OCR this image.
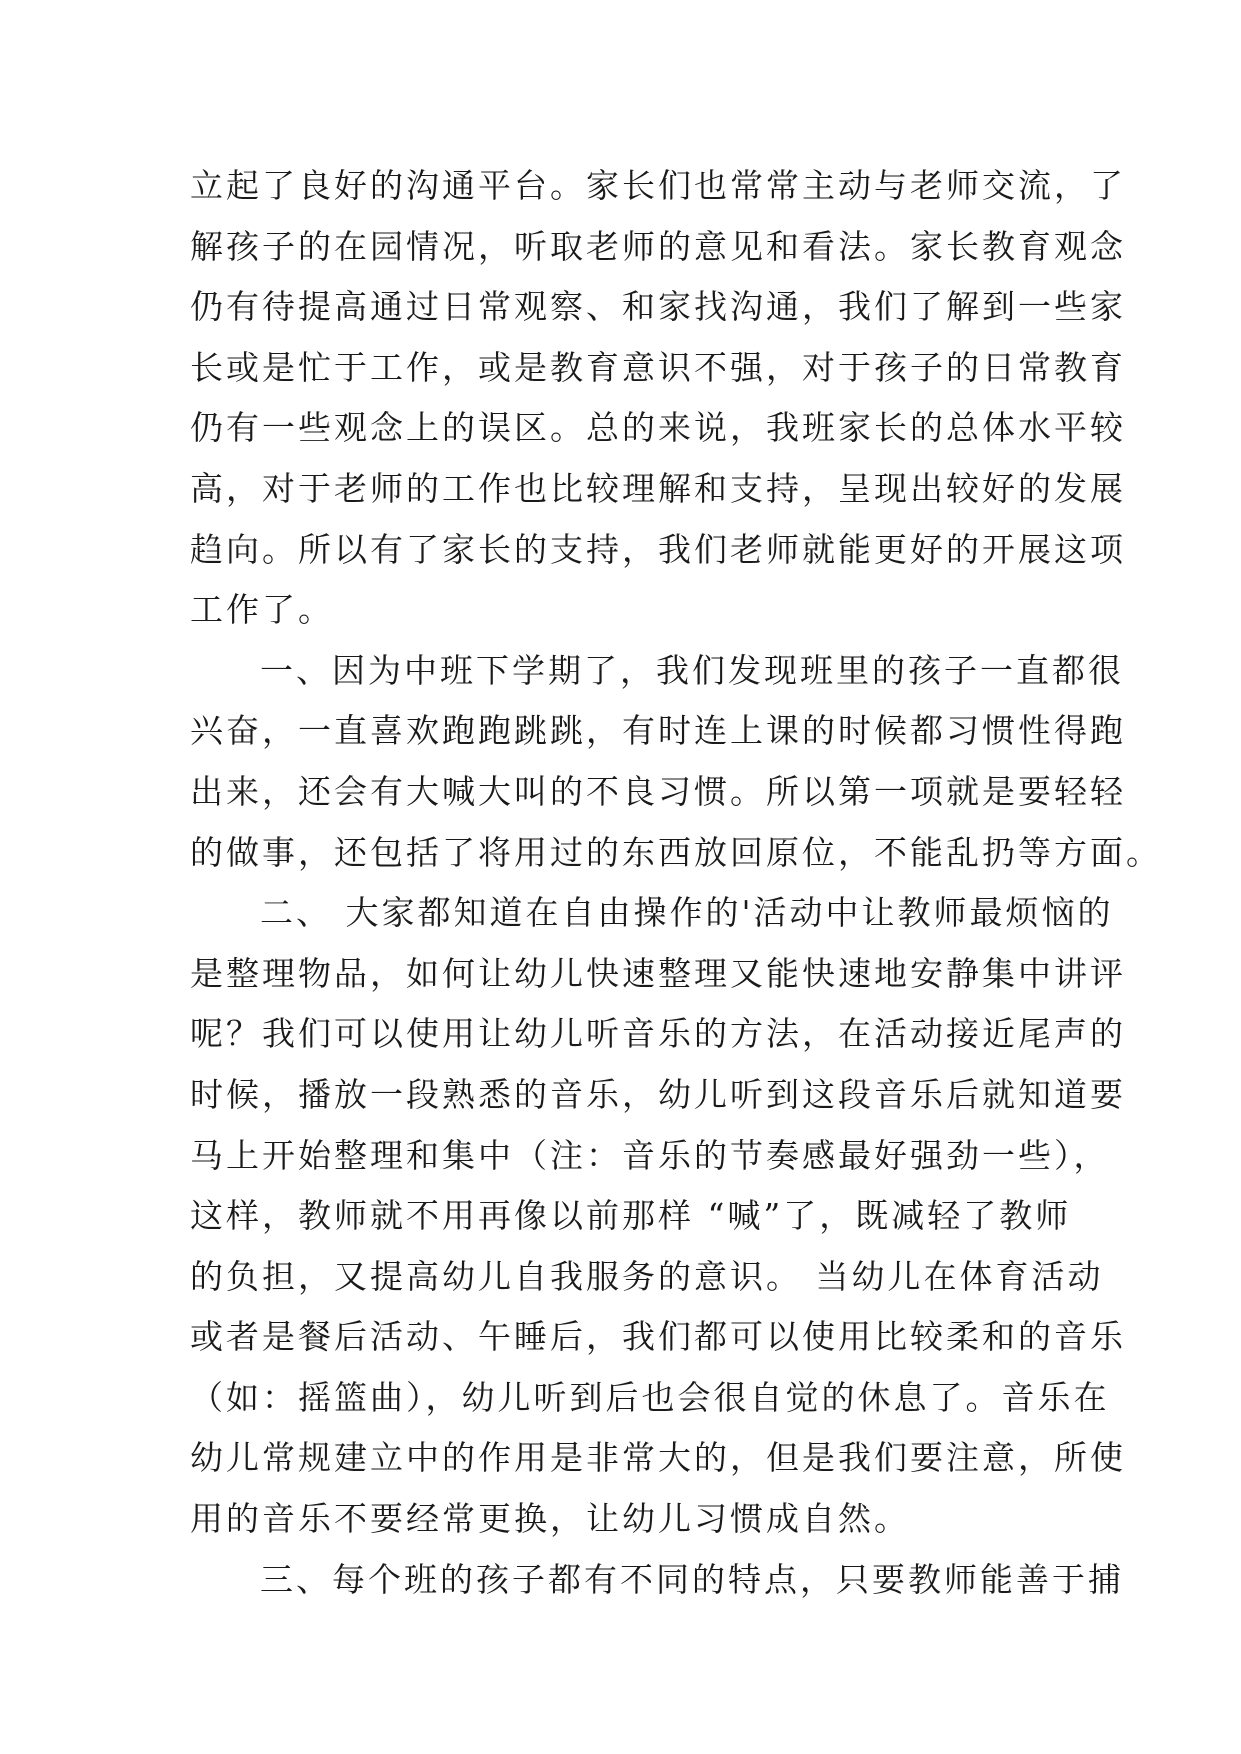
立起了良好的沟通平台。家长们也常常主动与老师交流，了
解孩子的在园情况，听取老师的意见和看法。家长教育观念
仍有待提高通过日常观察、和家找沟通，我们了解到一些家
长或是忙于工作，或是教育意识不强，对于孩子的日常教育
仍有一些观念上的误区。总的来说，我班家长的总体水平较
高，对于老师的工作也比较理解和支持，呈现出较好的发展
趋向。所以有了家长的支持，我们老师就能更好的开展这项
工作了。
一、因为中班下学期了，我们发现班里的孩子一直都很
兴奋，一直喜欢跑跑跳跳，有时连上课的时候都习惯性得跑
出来，还会有大喊大叫的不良习惯。所以第一项就是要轻轻
的做事，还包括了将用过的东西放回原位，不能乱扔等方面。
二、 大家都知道在自由操作的'活动中让教师最烦恼的
是整理物品，如何让幼儿快速整理又能快速地安静集中讲评
呢？我们可以使用让幼儿听音乐的方法，在活动接近尾声的
时候，播放一段熟悉的音乐，幼儿听到这段音乐后就知道要
马上开始整理和集中（注：音乐的节奏感最好强劲一些），
这样，教师就不用再像以前那样 “喊”了，既减轻了教师
的负担，又提高幼儿自我服务的意识。 当幼儿在体育活动
或者是餐后活动、午睡后，我们都可以使用比较柔和的音乐
（如：摇篮曲），幼儿听到后也会很自觉的休息了。音乐在
幼儿常规建立中的作用是非常大的，但是我们要注意，所使
用的音乐不要经常更换，让幼儿习惯成自然。
三、每个班的孩子都有不同的特点，只要教师能善于捕
